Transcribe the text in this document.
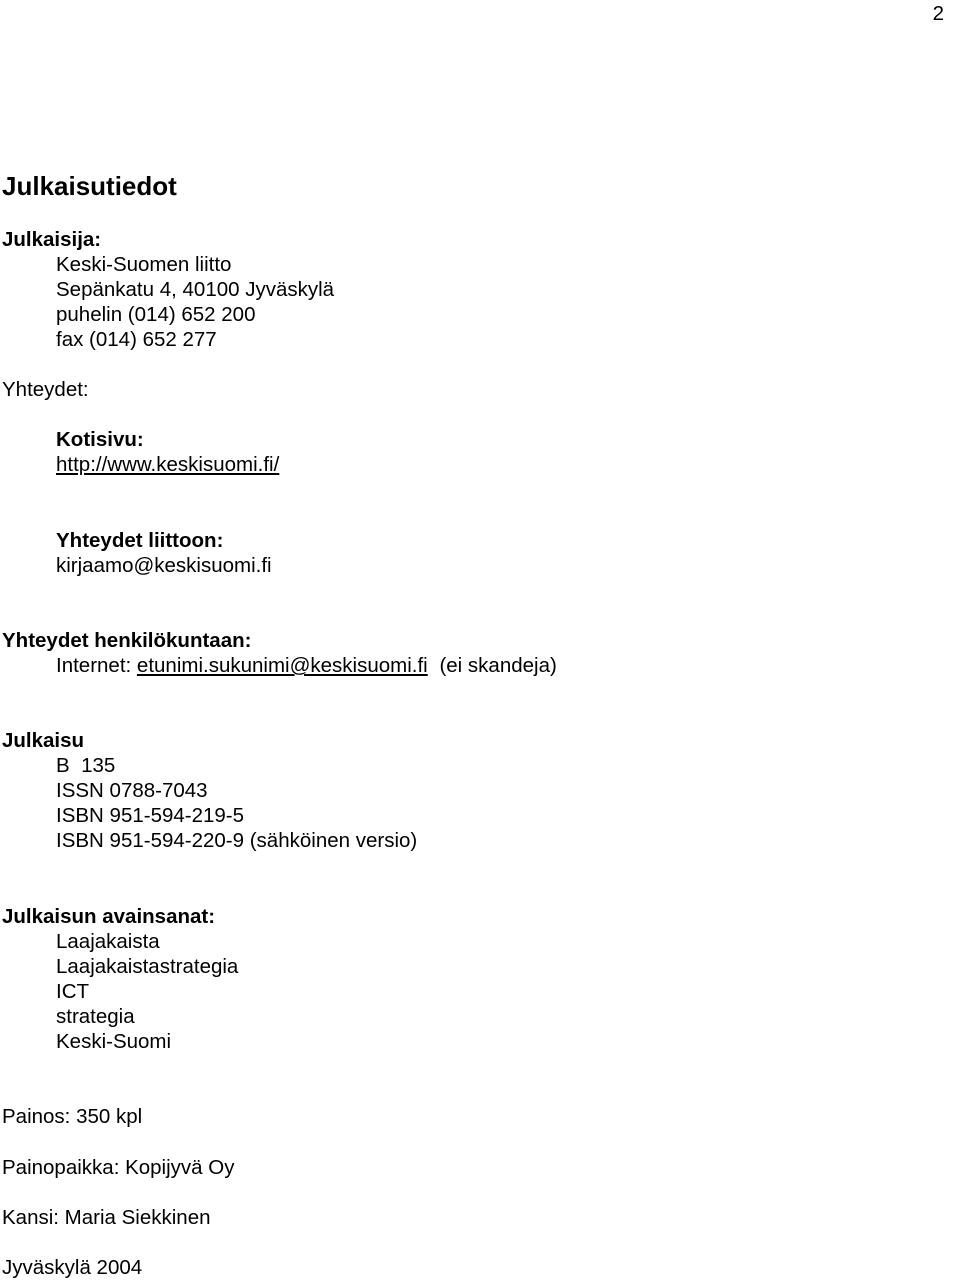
2
Julkaisutiedot
Julkaisija:
Keski-Suomen liitto
Sepänkatu 4, 40100 Jyväskylä
puhelin (014) 652 200
fax (014) 652 277
Yhteydet:
Kotisivu:
http://www.keskisuomi.fi/
Yhteydet liittoon:
kirjaamo@keskisuomi.fi
Yhteydet henkilökuntaan:
Internet: etunimi.sukunimi@keskisuomi.fi (ei skandeja)
Julkaisu
B  135
ISSN 0788-7043
ISBN 951-594-219-5
ISBN 951-594-220-9 (sähköinen versio)
Julkaisun avainsanat:
Laajakaista
Laajakaistastrategia
ICT
strategia
Keski-Suomi
Painos: 350 kpl
Painopaikka: Kopijyvä Oy
Kansi: Maria Siekkinen
Jyväskylä 2004
